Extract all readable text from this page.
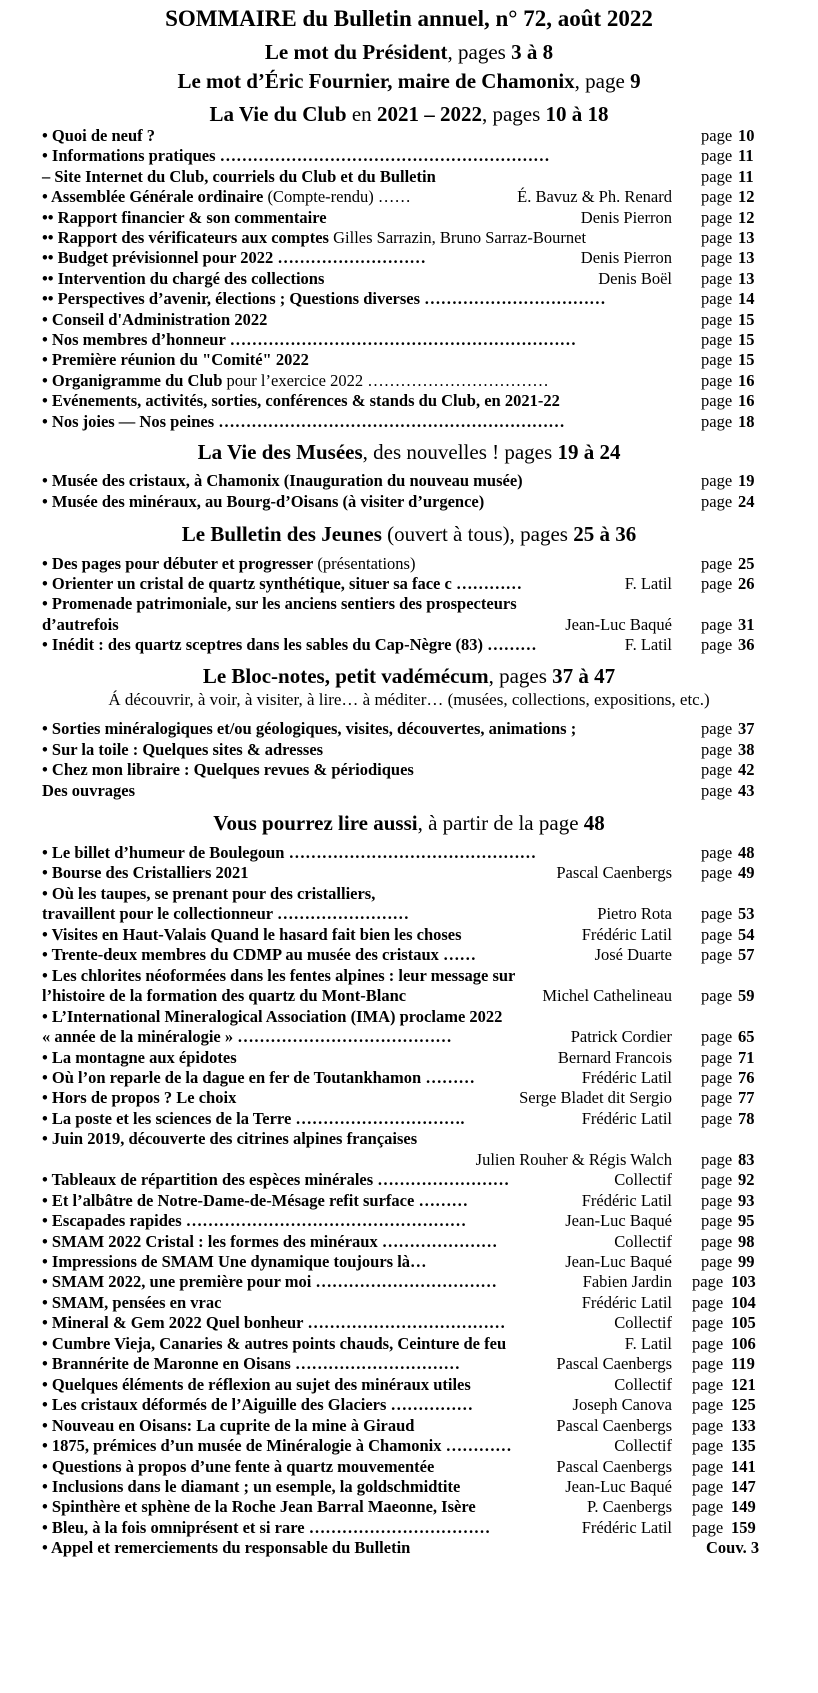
SOMMAIRE du Bulletin annuel, n° 72, août 2022
Le mot du Président, pages 3 à 8
Le mot d’Éric Fournier, maire de Chamonix, page 9
La Vie du Club en 2021 – 2022, pages 10 à 18
• Quoi de neuf ?	page 10
• Informations pratiques ……………………………………………………	page 11
– Site Internet du Club, courriels du Club et du Bulletin	page 11
• Assemblée Générale ordinaire (Compte-rendu) ……	É. Bavuz & Ph. Renard page 12
•• Rapport financier & son commentaire	Denis Pierron page 12
•• Rapport des vérificateurs aux comptes Gilles Sarrazin, Bruno Sarraz-Bournet	page 13
•• Budget prévisionnel pour 2022 ………………………	Denis Pierron page 13
•• Intervention du chargé des collections	Denis Boël page 13
•• Perspectives d’avenir, élections ; Questions diverses ……………………………	page 14
• Conseil d'Administration 2022	page 15
• Nos membres d’honneur ………………………………………………………	page 15
• Première réunion du "Comité" 2022	page 15
• Organigramme du Club pour l’exercice 2022 ……………………………	page 16
• Evénements, activités, sorties, conférences & stands du Club, en 2021-22	page 16
• Nos joies — Nos peines ………………………………………………………	page 18
La Vie des Musées, des nouvelles ! pages 19 à 24
• Musée des cristaux, à Chamonix (Inauguration du nouveau musée)	page 19
• Musée des minéraux, au Bourg-d’Oisans (à visiter d’urgence)	page 24
Le Bulletin des Jeunes (ouvert à tous), pages 25 à 36
• Des pages pour débuter et progresser (présentations)	page 25
• Orienter un cristal de quartz synthétique, situer sa face c …………	F. Latil page 26
• Promenade patrimoniale, sur les anciens sentiers des prospecteurs
d’autrefois	Jean-Luc Baqué page 31
• Inédit : des quartz sceptres dans les sables du Cap-Nègre (83) ………	F. Latil page 36
Le Bloc-notes, petit vadémécum, pages 37 à 47
Á découvrir, à voir, à visiter, à lire… à méditer… (musées, collections, expositions, etc.)
• Sorties minéralogiques et/ou géologiques, visites, découvertes, animations ;	page 37
• Sur la toile : Quelques sites & adresses	page 38
• Chez mon libraire : Quelques revues & périodiques	page 42
Des ouvrages	page 43
Vous pourrez lire aussi, à partir de la page 48
• Le billet d’humeur de Boulegoun ………………………………………	page 48
• Bourse des Cristalliers 2021	Pascal Caenbergs page 49
• Où les taupes, se prenant pour des cristalliers,
travaillent pour le collectionneur ……………………	Pietro Rota page 53
• Visites en Haut-Valais Quand le hasard fait bien les choses	Frédéric Latil page 54
• Trente-deux membres du CDMP au musée des cristaux ……	José Duarte page 57
• Les chlorites néoformées dans les fentes alpines : leur message sur
l’histoire de la formation des quartz du Mont-Blanc	Michel Cathelineau page 59
• L’International Mineralogical Association (IMA) proclame 2022
« année de la minéralogie » …………………………………	Patrick Cordier page 65
• La montagne aux épidotes	Bernard Francois page 71
• Où l’on reparle de la dague en fer de Toutankhamon ………	Frédéric Latil page 76
• Hors de propos ? Le choix	Serge Bladet dit Sergio page 77
• La poste et les sciences de la Terre ………………………….	Frédéric Latil page 78
• Juin 2019, découverte des citrines alpines françaises
Julien Rouher & Régis Walch page 83
• Tableaux de répartition des espèces minérales ……………………	Collectif page 92
• Et l’albâtre de Notre-Dame-de-Mésage refit surface ………	Frédéric Latil page 93
• Escapades rapides ……………………………………………	Jean-Luc Baqué page 95
• SMAM 2022 Cristal : les formes des minéraux …………………	Collectif page 98
• Impressions de SMAM Une dynamique toujours là…	Jean-Luc Baqué page 99
• SMAM 2022, une première pour moi ……………………………	Fabien Jardin page 103
• SMAM, pensées en vrac	Frédéric Latil page 104
• Mineral & Gem 2022 Quel bonheur ………………………………	Collectif page 105
• Cumbre Vieja, Canaries & autres points chauds, Ceinture de feu	F. Latil page 106
• Brannérite de Maronne en Oisans …………………………	Pascal Caenbergs page 119
• Quelques éléments de réflexion au sujet des minéraux utiles	Collectif page 121
• Les cristaux déformés de l’Aiguille des Glaciers ……………	Joseph Canova page 125
• Nouveau en Oisans: La cuprite de la mine à Giraud	Pascal Caenbergs page 133
• 1875, prémices d’un musée de Minéralogie à Chamonix …………	Collectif page 135
• Questions à propos d’une fente à quartz mouvementée	Pascal Caenbergs page 141
• Inclusions dans le diamant ; un esemple, la goldschmidtite	Jean-Luc Baqué page 147
• Spinthère et sphène de la Roche Jean Barral Maeonne, Isère	P. Caenbergs page 149
• Bleu, à la fois omniprésent et si rare ……………………………	Frédéric Latil page 159
• Appel et remerciements du responsable du Bulletin	Couv. 3
